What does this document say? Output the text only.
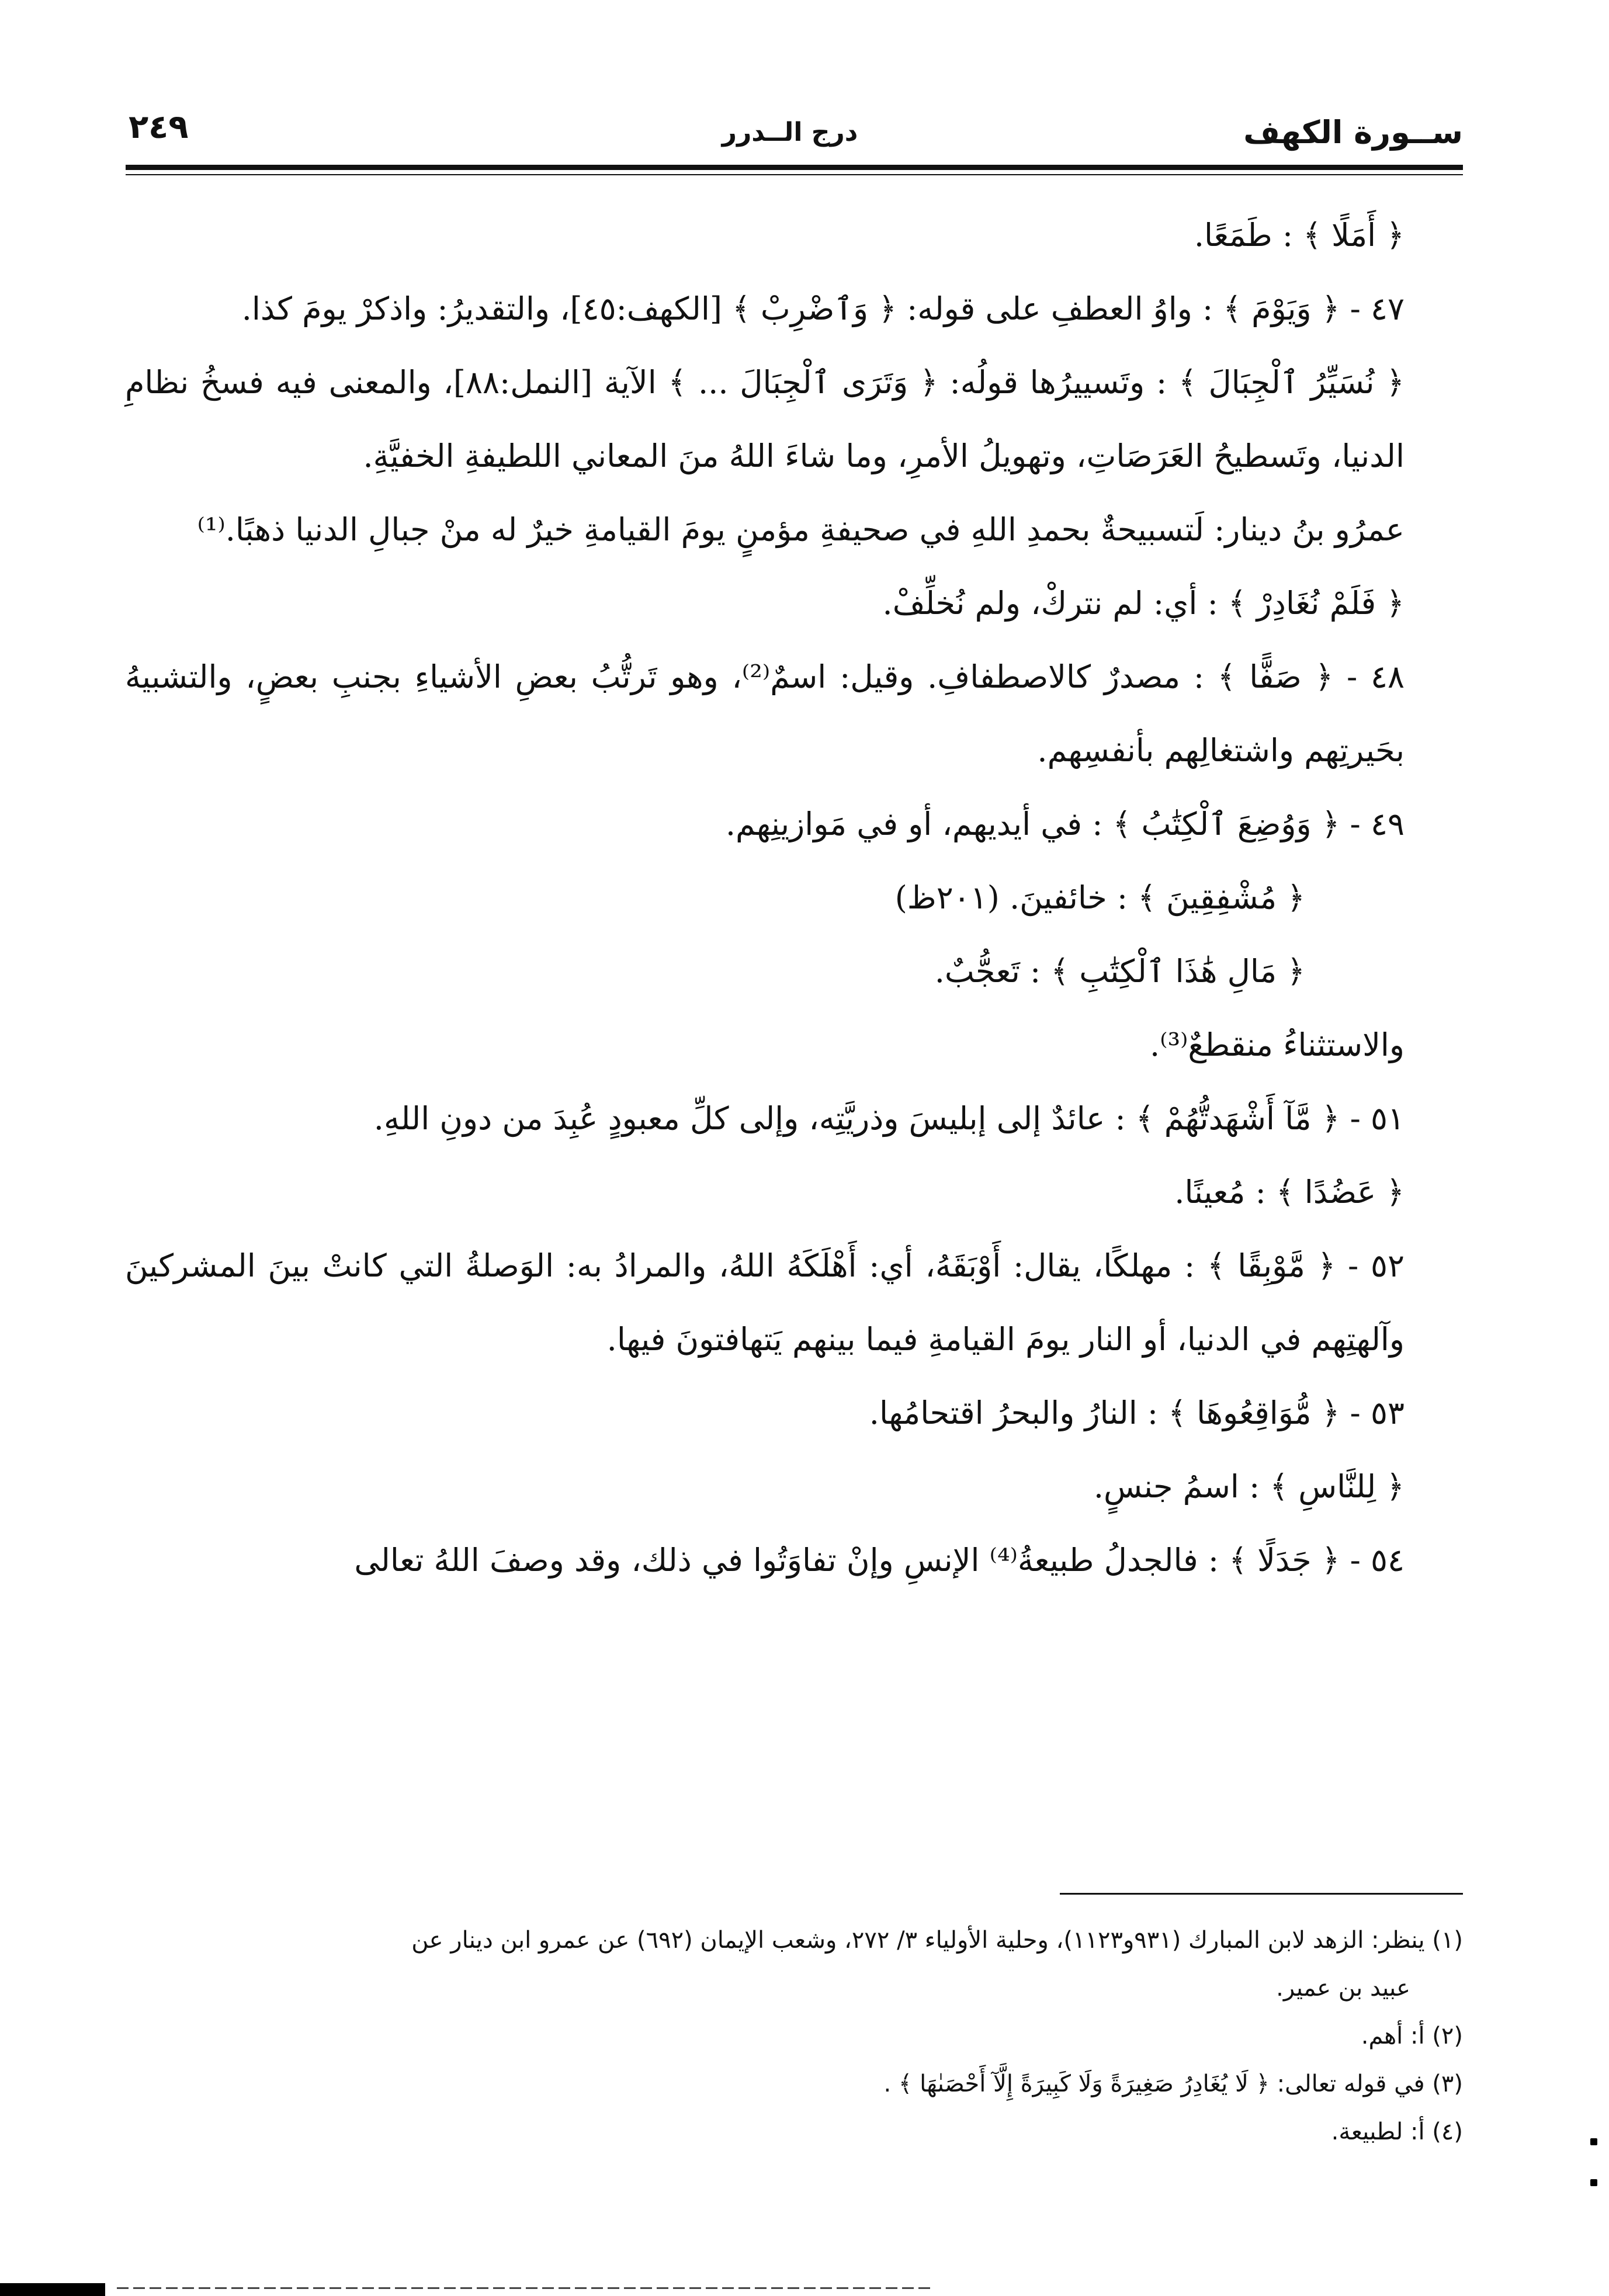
ســورة الكهف
درج الــدرر
٢٤٩

﴿ أَمَلًا ﴾ : طَمَعًا.

٤٧ - ﴿ وَيَوْمَ ﴾ : واوُ العطفِ على قوله: ﴿ وَٱضْرِبْ ﴾ [الكهف:٤٥]، والتقديرُ: واذكرْ يومَ كذا.

﴿ نُسَيِّرُ ٱلْجِبَالَ ﴾ : وتَسييرُها قولُه: ﴿ وَتَرَى ٱلْجِبَالَ ... ﴾ الآية [النمل:٨٨]، والمعنى فيه فسخُ نظامِ الدنيا، وتَسطيحُ العَرَصَاتِ، وتهويلُ الأمرِ، وما شاءَ اللهُ منَ المعاني اللطيفةِ الخفيَّةِ.

عمرُو بنُ دينار: لَتسبيحةٌ بحمدِ اللهِ في صحيفةِ مؤمنٍ يومَ القيامةِ خيرٌ له منْ جبالِ الدنيا ذهبًا.⁽¹⁾

﴿ فَلَمْ نُغَادِرْ ﴾ : أي: لم نتركْ، ولم نُخلِّفْ.

٤٨ - ﴿ صَفًّا ﴾ : مصدرٌ كالاصطفافِ. وقيل: اسمٌ⁽²⁾، وهو تَرتُّبُ بعضِ الأشياءِ بجنبِ بعضٍ، والتشبيهُ بحَيرتِهم واشتغالِهم بأنفسِهم.

٤٩ - ﴿ وَوُضِعَ ٱلْكِتَٰبُ ﴾ : في أيديهم، أو في مَوازينِهم.

﴿ مُشْفِقِينَ ﴾ : خائفينَ. (٢٠١ظ)

﴿ مَالِ هَٰذَا ٱلْكِتَٰبِ ﴾ : تَعجُّبٌ.

والاستثناءُ منقطعٌ⁽³⁾.

٥١ - ﴿ مَّآ أَشْهَدتُّهُمْ ﴾ : عائدٌ إلى إبليسَ وذريَّتِه، وإلى كلِّ معبودٍ عُبِدَ من دونِ اللهِ.

﴿ عَضُدًا ﴾ : مُعينًا.

٥٢ - ﴿ مَّوْبِقًا ﴾ : مهلكًا، يقال: أَوْبَقَهُ، أي: أَهْلَكَهُ اللهُ، والمرادُ به: الوَصلةُ التي كانتْ بينَ المشركينَ وآلهتِهم في الدنيا، أو النار يومَ القيامةِ فيما بينهم يَتهافتونَ فيها.

٥٣ - ﴿ مُّوَاقِعُوهَا ﴾ : النارُ والبحرُ اقتحامُها.

﴿ لِلنَّاسِ ﴾ : اسمُ جنسٍ.

٥٤ - ﴿ جَدَلًا ﴾ : فالجدلُ طبيعةُ⁽⁴⁾ الإنسِ وإنْ تفاوَتُوا في ذلك، وقد وصفَ اللهُ تعالى

(١) ينظر: الزهد لابن المبارك (٩٣١و١١٢٣)، وحلية الأولياء ٣/ ٢٧٢، وشعب الإيمان (٦٩٢) عن عمرو ابن دينار عن

عبيد بن عمير.

(٢) أ: أهم.

(٣) في قوله تعالى: ﴿ لَا يُغَادِرُ صَغِيرَةً وَلَا كَبِيرَةً إِلَّآ أَحْصَىٰهَا ﴾ .

(٤) أ: لطبيعة.
